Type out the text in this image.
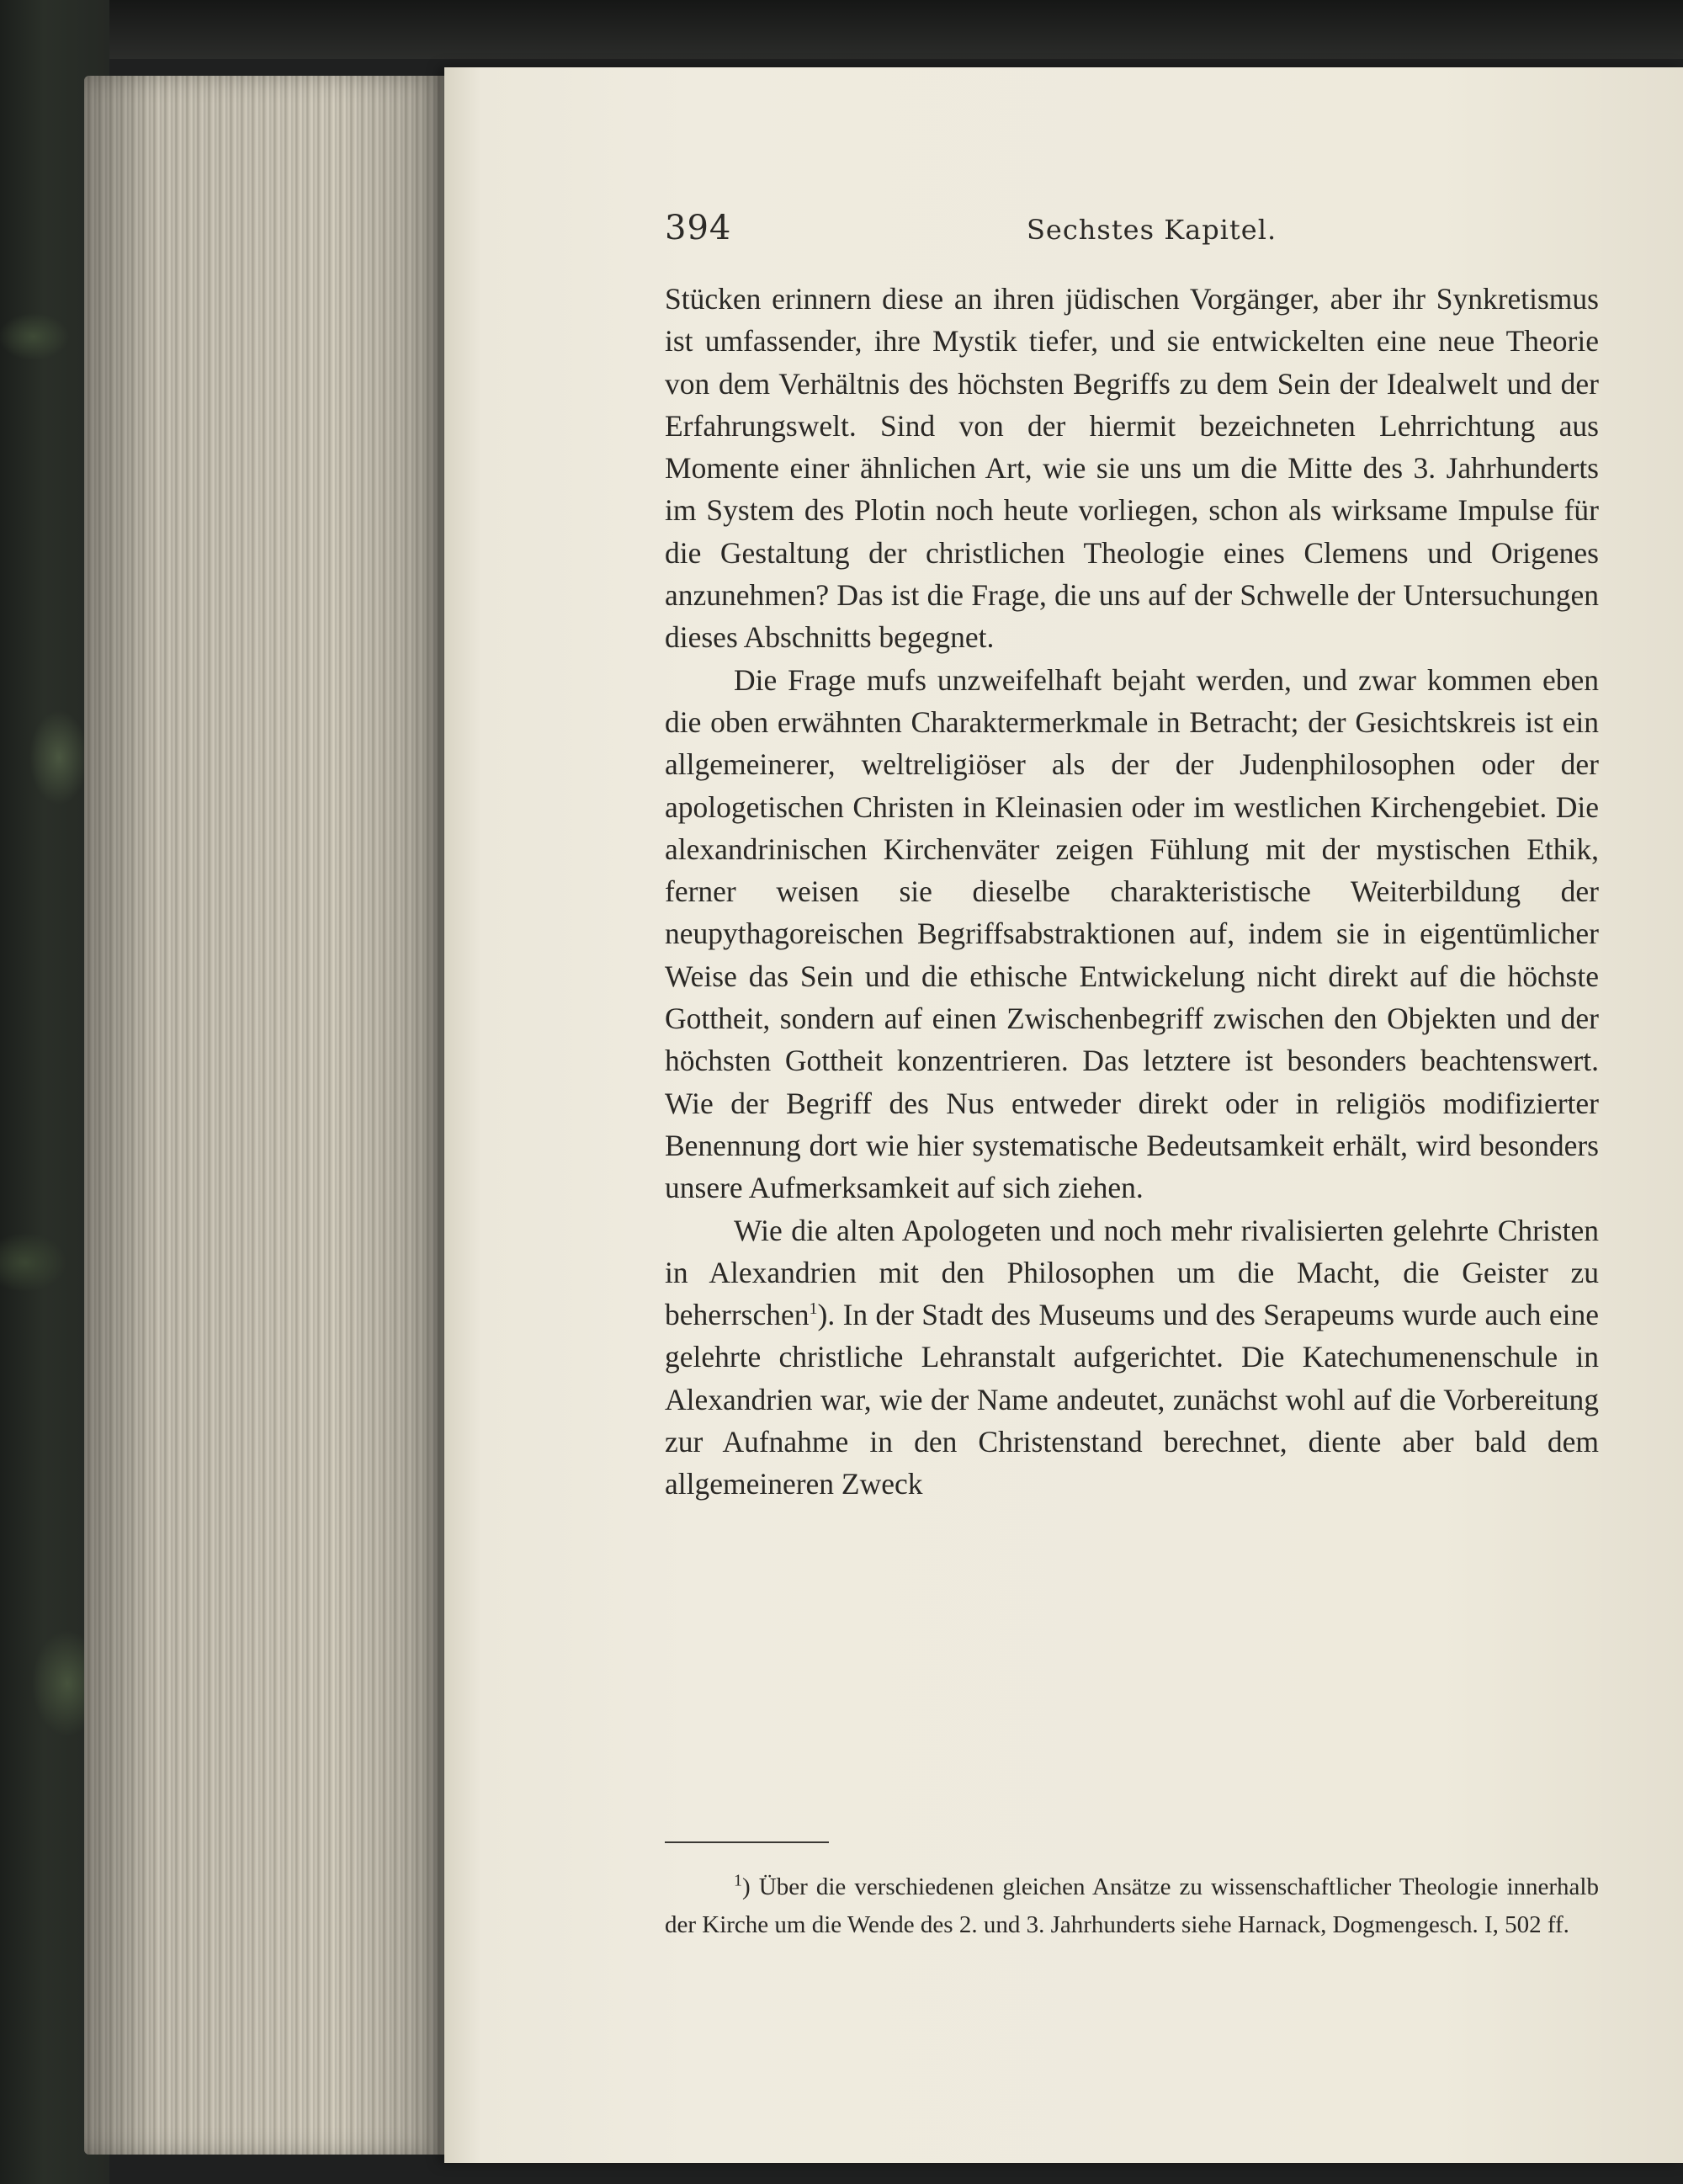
394	Sechstes Kapitel.

Stücken erinnern diese an ihren jüdischen Vorgänger, aber ihr Synkretismus ist umfassender, ihre Mystik tiefer, und sie entwickelten eine neue Theorie von dem Verhältnis des höchsten Begriffs zu dem Sein der Idealwelt und der Erfahrungswelt. Sind von der hiermit bezeichneten Lehrrichtung aus Momente einer ähnlichen Art, wie sie uns um die Mitte des 3. Jahrhunderts im System des Plotin noch heute vorliegen, schon als wirksame Impulse für die Gestaltung der christlichen Theologie eines Clemens und Origenes anzunehmen? Das ist die Frage, die uns auf der Schwelle der Untersuchungen dieses Abschnitts begegnet.

Die Frage mufs unzweifelhaft bejaht werden, und zwar kommen eben die oben erwähnten Charaktermerkmale in Betracht; der Gesichtskreis ist ein allgemeinerer, weltreligiöser als der der Judenphilosophen oder der apologetischen Christen in Kleinasien oder im westlichen Kirchengebiet. Die alexandrinischen Kirchenväter zeigen Fühlung mit der mystischen Ethik, ferner weisen sie dieselbe charakteristische Weiterbildung der neupythagoreischen Begriffsabstraktionen auf, indem sie in eigentümlicher Weise das Sein und die ethische Entwickelung nicht direkt auf die höchste Gottheit, sondern auf einen Zwischenbegriff zwischen den Objekten und der höchsten Gottheit konzentrieren. Das letztere ist besonders beachtenswert. Wie der Begriff des Nus entweder direkt oder in religiös modifizierter Benennung dort wie hier systematische Bedeutsamkeit erhält, wird besonders unsere Aufmerksamkeit auf sich ziehen.

Wie die alten Apologeten und noch mehr rivalisierten gelehrte Christen in Alexandrien mit den Philosophen um die Macht, die Geister zu beherrschen$^1$). In der Stadt des Museums und des Serapeums wurde auch eine gelehrte christliche Lehranstalt aufgerichtet. Die Katechumenenschule in Alexandrien war, wie der Name andeutet, zunächst wohl auf die Vorbereitung zur Aufnahme in den Christenstand berechnet, diente aber bald dem allgemeineren Zweck

$^1$) Über die verschiedenen gleichen Ansätze zu wissenschaftlicher Theologie innerhalb der Kirche um die Wende des 2. und 3. Jahrhunderts siehe Harnack, Dogmengesch. I, 502 ff.
